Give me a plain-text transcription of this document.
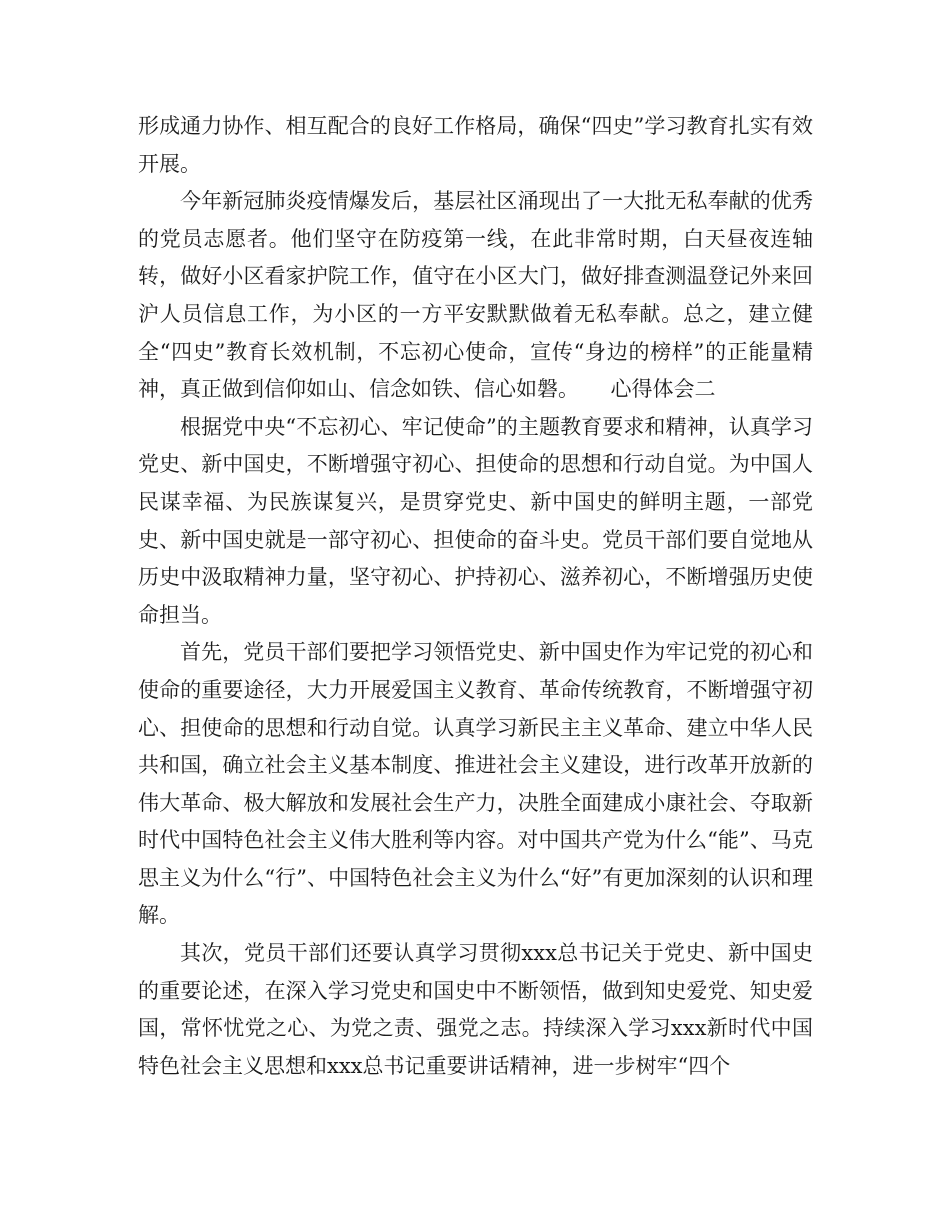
形成通力协作、相互配合的良好工作格局，确保“四史”学习教育扎实有效开展。

今年新冠肺炎疫情爆发后，基层社区涌现出了一大批无私奉献的优秀的党员志愿者。他们坚守在防疫第一线，在此非常时期，白天昼夜连轴转，做好小区看家护院工作，值守在小区大门，做好排查测温登记外来回沪人员信息工作，为小区的一方平安默默做着无私奉献。总之，建立健全“四史”教育长效机制，不忘初心使命，宣传“身边的榜样”的正能量精神，真正做到信仰如山、信念如铁、信心如磐。　　心得体会二

根据党中央“不忘初心、牢记使命”的主题教育要求和精神，认真学习党史、新中国史，不断增强守初心、担使命的思想和行动自觉。为中国人民谋幸福、为民族谋复兴，是贯穿党史、新中国史的鲜明主题，一部党史、新中国史就是一部守初心、担使命的奋斗史。党员干部们要自觉地从历史中汲取精神力量，坚守初心、护持初心、滋养初心，不断增强历史使命担当。

首先，党员干部们要把学习领悟党史、新中国史作为牢记党的初心和使命的重要途径，大力开展爱国主义教育、革命传统教育，不断增强守初心、担使命的思想和行动自觉。认真学习新民主主义革命、建立中华人民共和国，确立社会主义基本制度、推进社会主义建设，进行改革开放新的伟大革命、极大解放和发展社会生产力，决胜全面建成小康社会、夺取新时代中国特色社会主义伟大胜利等内容。对中国共产党为什么“能”、马克思主义为什么“行”、中国特色社会主义为什么“好”有更加深刻的认识和理解。

其次，党员干部们还要认真学习贯彻xxx总书记关于党史、新中国史的重要论述，在深入学习党史和国史中不断领悟，做到知史爱党、知史爱国，常怀忧党之心、为党之责、强党之志。持续深入学习xxx新时代中国特色社会主义思想和xxx总书记重要讲话精神，进一步树牢“四个
